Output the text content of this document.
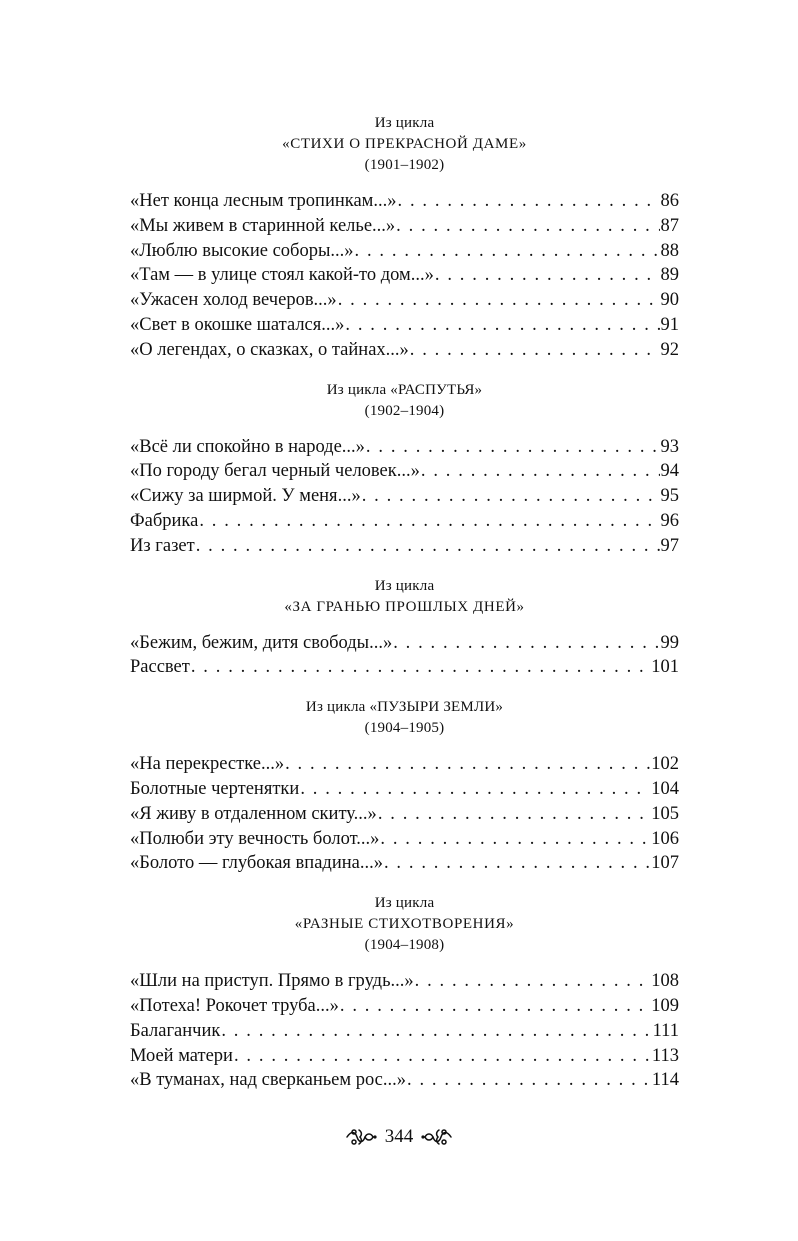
Из цикла
«СТИХИ О ПРЕКРАСНОЙ ДАМЕ»
(1901–1902)
«Нет конца лесным тропинкам...» . . .	86
«Мы живем в старинной келье...» . . .	87
«Люблю высокие соборы...» . . .	88
«Там — в улице стоял какой-то дом...» . . .	89
«Ужасен холод вечеров...» . . .	90
«Свет в окошке шатался...» . . .	91
«О легендах, о сказках, о тайнах...» . . .	92
Из цикла «РАСПУТЬЯ»
(1902–1904)
«Всё ли спокойно в народе...» . . .	93
«По городу бегал черный человек...» . . .	94
«Сижу за ширмой. У меня...» . . .	95
Фабрика . . .	96
Из газет . . .	97
Из цикла
«ЗА ГРАНЬЮ ПРОШЛЫХ ДНЕЙ»
«Бежим, бежим, дитя свободы...» . . .	99
Рассвет . . .	101
Из цикла «ПУЗЫРИ ЗЕМЛИ»
(1904–1905)
«На перекрестке...» . . .	102
Болотные чертенятки . . .	104
«Я живу в отдаленном скиту...» . . .	105
«Полюби эту вечность болот...» . . .	106
«Болото — глубокая впадина...» . . .	107
Из цикла
«РАЗНЫЕ СТИХОТВОРЕНИЯ»
(1904–1908)
«Шли на приступ. Прямо в грудь...» . . .	108
«Потеха! Рокочет труба...» . . .	109
Балаганчик . . .	111
Моей матери . . .	113
«В туманах, над сверканьем рос...» . . .	114
344
